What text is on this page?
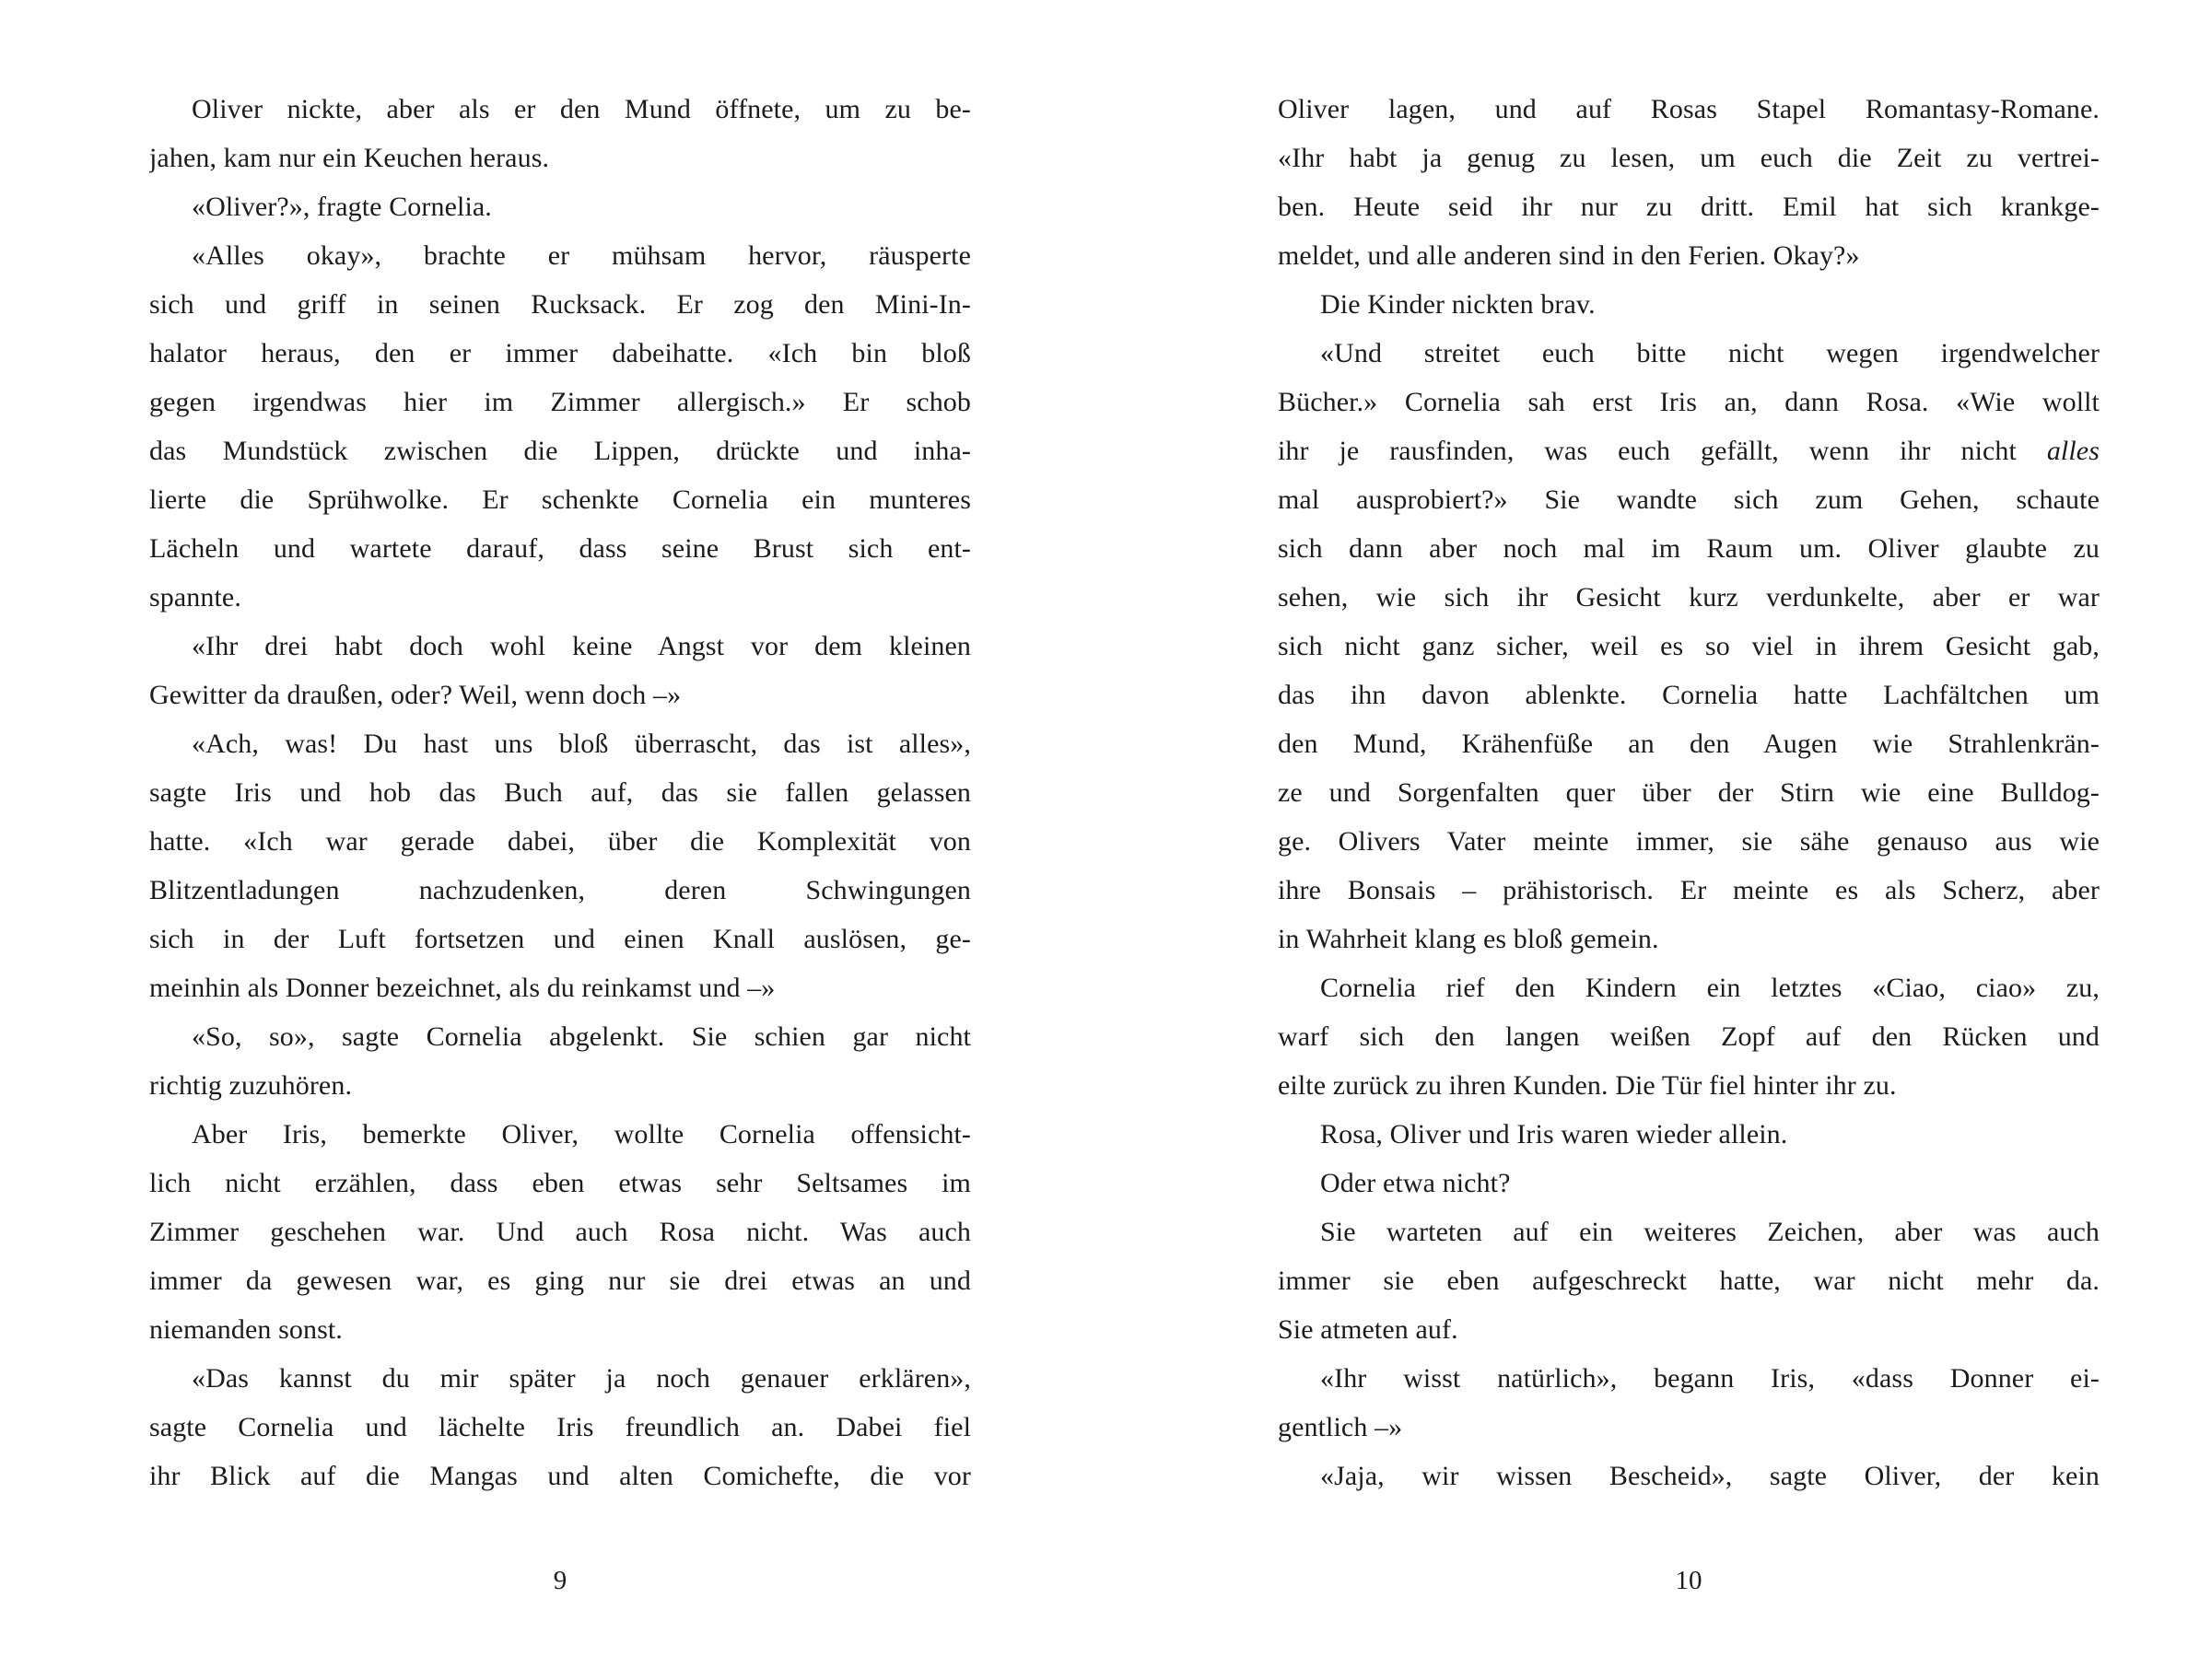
Oliver nickte, aber als er den Mund öffnete, um zu be-
jahen, kam nur ein Keuchen heraus.
«Oliver?», fragte Cornelia.
«Alles okay», brachte er mühsam hervor, räusperte
sich und griff in seinen Rucksack. Er zog den Mini-In-
halator heraus, den er immer dabeihatte. «Ich bin bloß
gegen irgendwas hier im Zimmer allergisch.» Er schob
das Mundstück zwischen die Lippen, drückte und inha-
lierte die Sprühwolke. Er schenkte Cornelia ein munteres
Lächeln und wartete darauf, dass seine Brust sich ent-
spannte.
«Ihr drei habt doch wohl keine Angst vor dem kleinen
Gewitter da draußen, oder? Weil, wenn doch –»
«Ach, was! Du hast uns bloß überrascht, das ist alles»,
sagte Iris und hob das Buch auf, das sie fallen gelassen
hatte. «Ich war gerade dabei, über die Komplexität von
Blitzentladungen nachzudenken, deren Schwingungen
sich in der Luft fortsetzen und einen Knall auslösen, ge-
meinhin als Donner bezeichnet, als du reinkamst und –»
«So, so», sagte Cornelia abgelenkt. Sie schien gar nicht
richtig zuzuhören.
Aber Iris, bemerkte Oliver, wollte Cornelia offensicht-
lich nicht erzählen, dass eben etwas sehr Seltsames im
Zimmer geschehen war. Und auch Rosa nicht. Was auch
immer da gewesen war, es ging nur sie drei etwas an und
niemanden sonst.
«Das kannst du mir später ja noch genauer erklären»,
sagte Cornelia und lächelte Iris freundlich an. Dabei fiel
ihr Blick auf die Mangas und alten Comichefte, die vor
9
Oliver lagen, und auf Rosas Stapel Romantasy-Romane.
«Ihr habt ja genug zu lesen, um euch die Zeit zu vertrei-
ben. Heute seid ihr nur zu dritt. Emil hat sich krankge-
meldet, und alle anderen sind in den Ferien. Okay?»
Die Kinder nickten brav.
«Und streitet euch bitte nicht wegen irgendwelcher
Bücher.» Cornelia sah erst Iris an, dann Rosa. «Wie wollt
ihr je rausfinden, was euch gefällt, wenn ihr nicht alles
mal ausprobiert?» Sie wandte sich zum Gehen, schaute
sich dann aber noch mal im Raum um. Oliver glaubte zu
sehen, wie sich ihr Gesicht kurz verdunkelte, aber er war
sich nicht ganz sicher, weil es so viel in ihrem Gesicht gab,
das ihn davon ablenkte. Cornelia hatte Lachfältchen um
den Mund, Krähenfüße an den Augen wie Strahlenkrän-
ze und Sorgenfalten quer über der Stirn wie eine Bulldog-
ge. Olivers Vater meinte immer, sie sähe genauso aus wie
ihre Bonsais – prähistorisch. Er meinte es als Scherz, aber
in Wahrheit klang es bloß gemein.
Cornelia rief den Kindern ein letztes «Ciao, ciao» zu,
warf sich den langen weißen Zopf auf den Rücken und
eilte zurück zu ihren Kunden. Die Tür fiel hinter ihr zu.
Rosa, Oliver und Iris waren wieder allein.
Oder etwa nicht?
Sie warteten auf ein weiteres Zeichen, aber was auch
immer sie eben aufgeschreckt hatte, war nicht mehr da.
Sie atmeten auf.
«Ihr wisst natürlich», begann Iris, «dass Donner ei-
gentlich –»
«Jaja, wir wissen Bescheid», sagte Oliver, der kein
10
